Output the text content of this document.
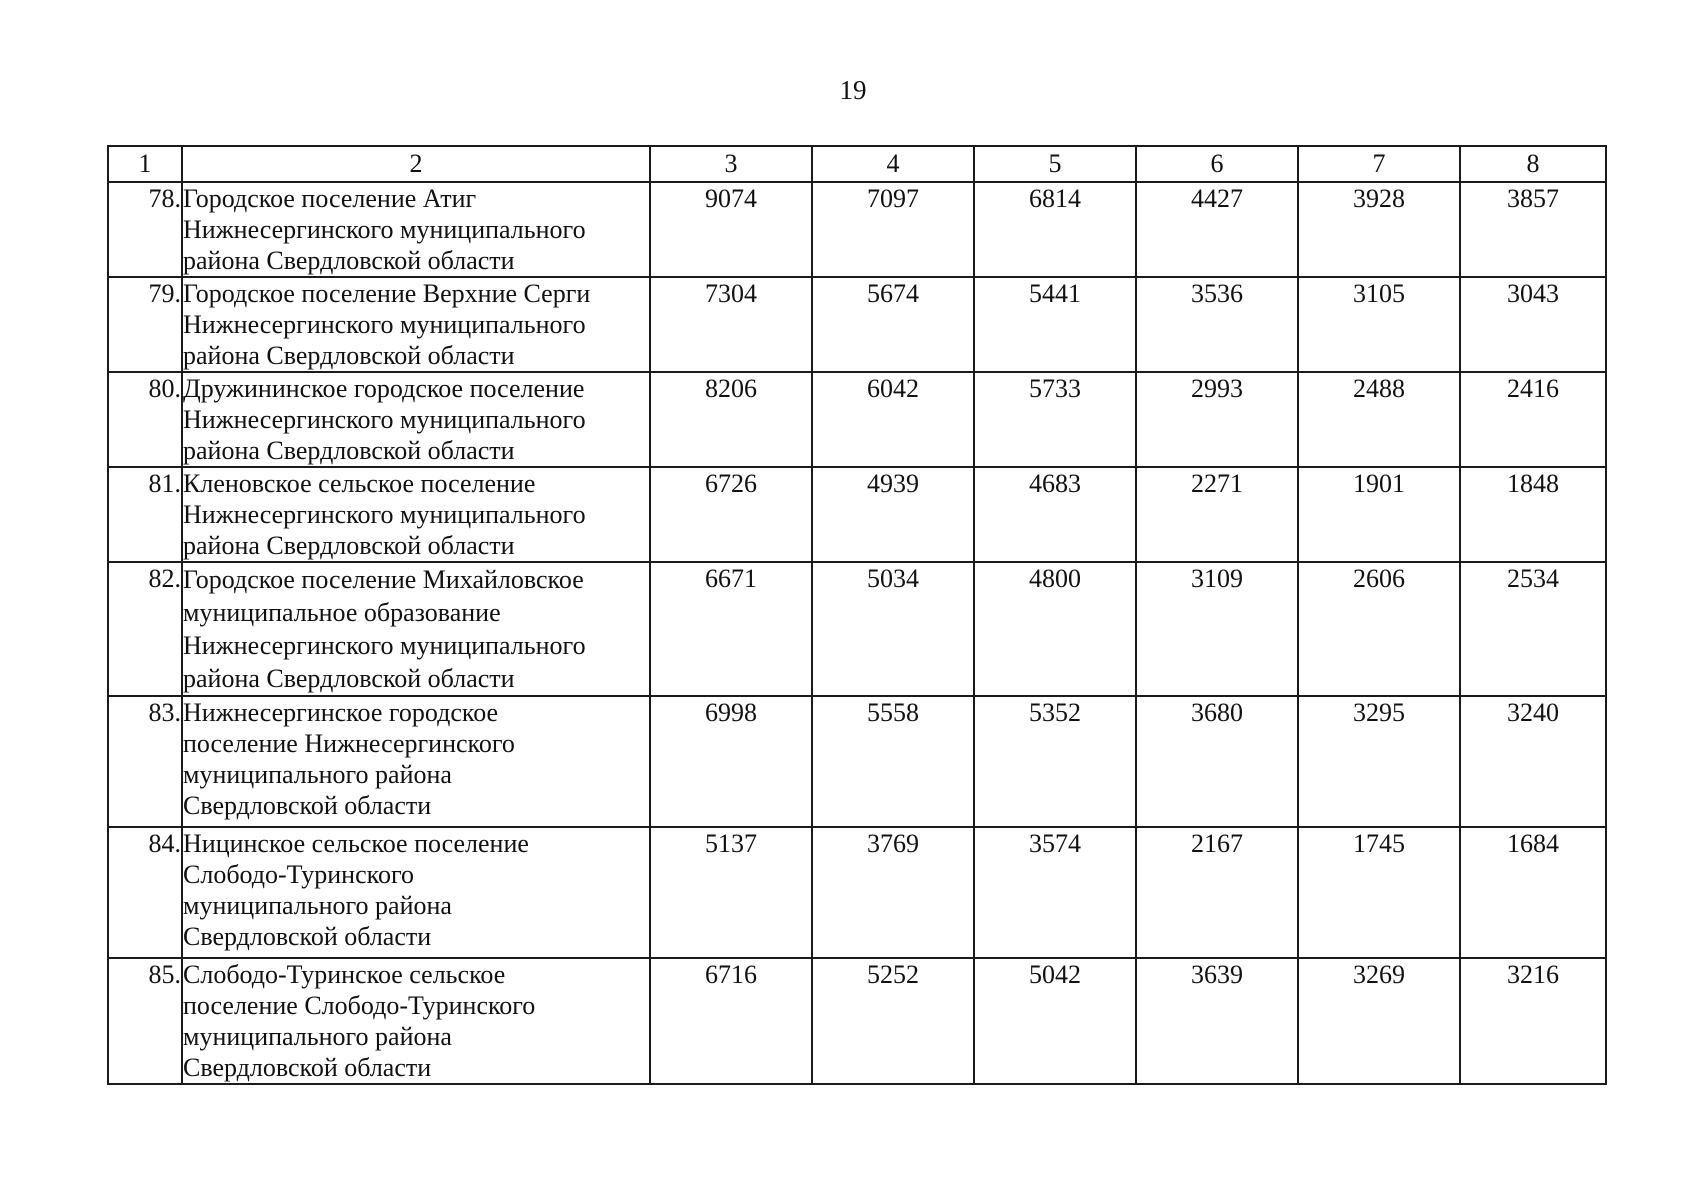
19
1	2	3	4	5	6	7	8
78.	Городское поселение Атиг
Нижнесергинского муниципального
района Свердловской области	9074	7097	6814	4427	3928	3857
79.	Городское поселение Верхние Серги
Нижнесергинского муниципального
района Свердловской области	7304	5674	5441	3536	3105	3043
80.	Дружининское городское поселение
Нижнесергинского муниципального
района Свердловской области	8206	6042	5733	2993	2488	2416
81.	Кленовское сельское поселение
Нижнесергинского муниципального
района Свердловской области	6726	4939	4683	2271	1901	1848
82.	Городское поселение Михайловское
муниципальное образование
Нижнесергинского муниципального
района Свердловской области	6671	5034	4800	3109	2606	2534
83.	Нижнесергинское городское
поселение Нижнесергинского
муниципального района
Свердловской области	6998	5558	5352	3680	3295	3240
84.	Ницинское сельское поселение
Слободо-Туринского
муниципального района
Свердловской области	5137	3769	3574	2167	1745	1684
85.	Слободо-Туринское сельское
поселение Слободо-Туринского
муниципального района
Свердловской области	6716	5252	5042	3639	3269	3216
